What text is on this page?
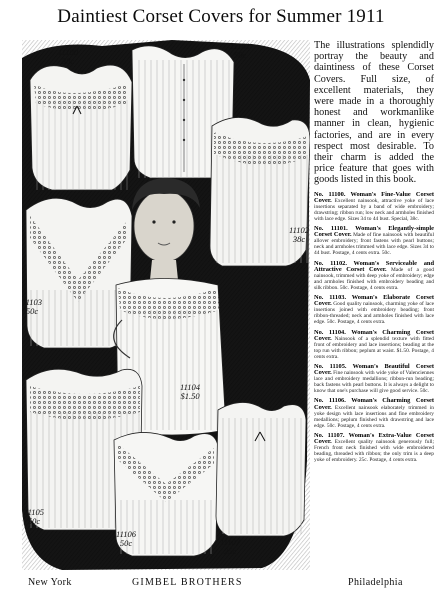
Daintiest Corset Covers for Summer 1911
11100
38c
11101
50c
11102
38c
11103
50c
11104
$1.50
11105
50c
11106
50c	11107
25c

The illustrations splendidly portray the beauty and daintiness of these Corset Covers. Full size, of excellent materials, they were made in a thoroughly honest and workmanlike manner in clean, hygienic factories, and are in every respect most desirable. To their charm is added the price feature that goes with goods listed in this book.

No. 11100. Woman's Fine-Value Corset Cover. Excellent nainsook, attractive yoke of lace insertions separated by a band of wide embroidery; drawstring; ribbon run; low neck and armholes finished with lace edge. Sizes 34 to 44 bust. Special, 38c.

No. 11101. Woman's Elegantly-simple Corset Cover. Made of fine nainsook with beautiful allover embroidery; front fastens with pearl buttons; neck and armholes trimmed with lace edge. Sizes 34 to 44 bust. Postage, 4 cents extra. 50c.

No. 11102. Woman's Serviceable and Attractive Corset Cover. Made of a good nainsook, trimmed with deep yoke of embroidery; edge and armholes finished with embroidery beading and silk ribbon. 50c. Postage, 4 cents extra.

No. 11103. Woman's Elaborate Corset Cover. Good quality nainsook, charming yoke of lace insertions joined with embroidery beading; front ribbon-threaded; neck and armholes finished with lace edge. 50c. Postage, 4 cents extra.

No. 11104. Woman's Charming Corset Cover. Nainsook of a splendid texture with fitted front of embroidery and lace insertions; beading at the top run with ribbon; peplum at waist. $1.50. Postage, 4 cents extra.

No. 11105. Woman's Beautiful Corset Cover. Fine nainsook with wide yoke of Valenciennes lace and embroidery medallions; ribbon-run beading; back fastens with pearl buttons. It is always a delight to know that one's purchase will give good service. 50c.

No. 11106. Woman's Charming Corset Cover. Excellent nainsook elaborately trimmed in yoke design with lace insertions and fine embroidery medallions; peplum finished with drawstring and lace edge. 50c. Postage, 4 cents extra.

No. 11107. Woman's Extra-Value Corset Cover. Excellent quality nainsook generously full; French front neck finished with wide embroidered beading, threaded with ribbon; the only trim is a deep yoke of embroidery. 25c. Postage, 4 cents extra.

New York	GIMBEL BROTHERS	Philadelphia
